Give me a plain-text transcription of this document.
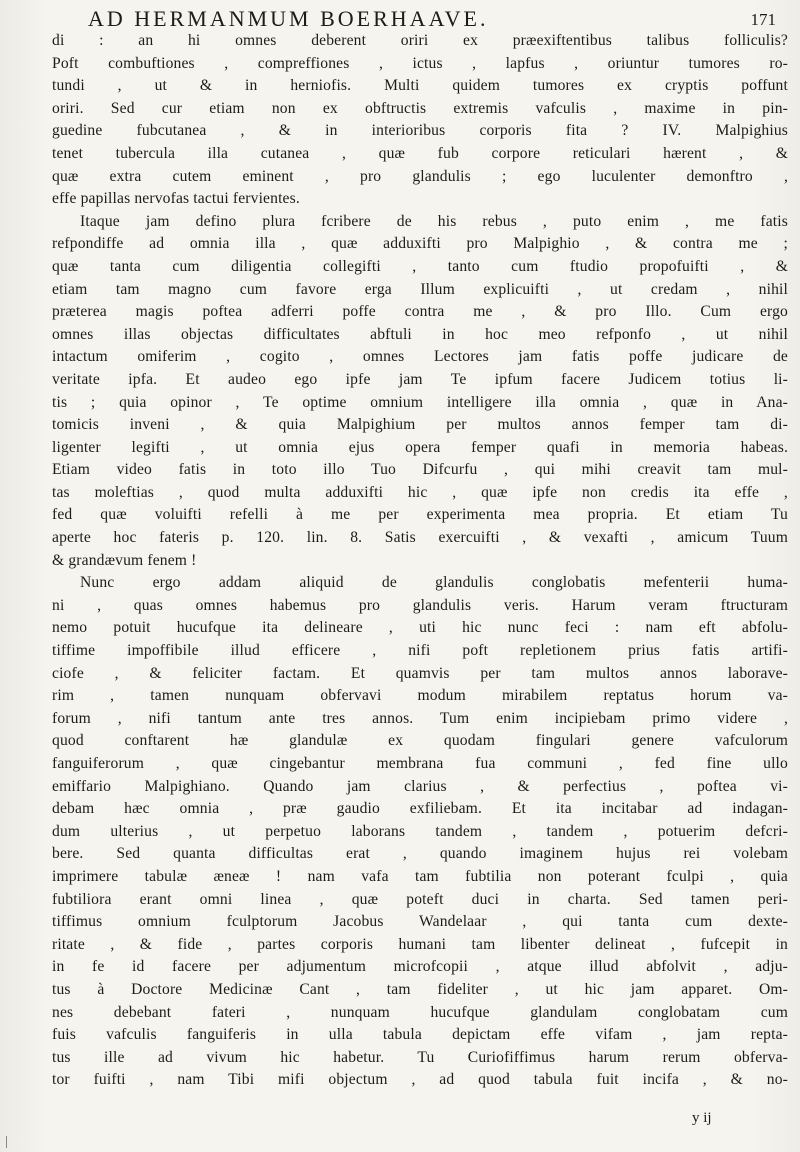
AD HERMANMUM BOERHAAVE.	171
di : an hi omnes deberent oriri ex præexiftentibus talibus folliculis?
Poft combuftiones , compreffiones , ictus , lapfus , oriuntur tumores ro-
tundi , ut & in herniofis. Multi quidem tumores ex cryptis poffunt
oriri. Sed cur etiam non ex obftructis extremis vafculis , maxime in pin-
guedine fubcutanea , & in interioribus corporis fita ? IV. Malpighius
tenet tubercula illa cutanea , quæ fub corpore reticulari hærent , &
quæ extra cutem eminent , pro glandulis ; ego luculenter demonftro ,
effe papillas nervofas tactui fervientes.
Itaque jam defino plura fcribere de his rebus , puto enim , me fatis
refpondiffe ad omnia illa , quæ adduxifti pro Malpighio , & contra me ;
quæ tanta cum diligentia collegifti , tanto cum ftudio propofuifti , &
etiam tam magno cum favore erga Illum explicuifti , ut credam , nihil
præterea magis poftea adferri poffe contra me , & pro Illo. Cum ergo
omnes illas objectas difficultates abftuli in hoc meo refponfo , ut nihil
intactum omiferim , cogito , omnes Lectores jam fatis poffe judicare de
veritate ipfa. Et audeo ego ipfe jam Te ipfum facere Judicem totius li-
tis ; quia opinor , Te optime omnium intelligere illa omnia , quæ in Ana-
tomicis inveni , & quia Malpighium per multos annos femper tam di-
ligenter legifti , ut omnia ejus opera femper quafi in memoria habeas.
Etiam video fatis in toto illo Tuo Difcurfu , qui mihi creavit tam mul-
tas moleftias , quod multa adduxifti hic , quæ ipfe non credis ita effe ,
fed quæ voluifti refelli à me per experimenta mea propria. Et etiam Tu
aperte hoc fateris p. 120. lin. 8. Satis exercuifti , & vexafti , amicum Tuum
& grandævum fenem !
Nunc ergo addam aliquid de glandulis conglobatis mefenterii huma-
ni , quas omnes habemus pro glandulis veris. Harum veram ftructuram
nemo potuit hucufque ita delineare , uti hic nunc feci : nam eft abfolu-
tiffime impoffibile illud efficere , nifi poft repletionem prius fatis artifi-
ciofe , & feliciter factam. Et quamvis per tam multos annos laborave-
rim , tamen nunquam obfervavi modum mirabilem reptatus horum va-
forum , nifi tantum ante tres annos. Tum enim incipiebam primo videre ,
quod conftarent hæ glandulæ ex quodam fingulari genere vafculorum
fanguiferorum , quæ cingebantur membrana fua communi , fed fine ullo
emiffario Malpighiano. Quando jam clarius , & perfectius , poftea vi-
debam hæc omnia , præ gaudio exfiliebam. Et ita incitabar ad indagan-
dum ulterius , ut perpetuo laborans tandem , tandem , potuerim defcri-
bere. Sed quanta difficultas erat , quando imaginem hujus rei volebam
imprimere tabulæ æneæ ! nam vafa tam fubtilia non poterant fculpi , quia
fubtiliora erant omni linea , quæ poteft duci in charta. Sed tamen peri-
tiffimus omnium fculptorum Jacobus Wandelaar , qui tanta cum dexte-
ritate , & fide , partes corporis humani tam libenter delineat , fufcepit in
in fe id facere per adjumentum microfcopii , atque illud abfolvit , adju-
tus à Doctore Medicinæ Cant , tam fideliter , ut hic jam apparet. Om-
nes debebant fateri , nunquam hucufque glandulam conglobatam cum
fuis vafculis fanguiferis in ulla tabula depictam effe vifam , jam repta-
tus ille ad vivum hic habetur. Tu Curiofiffimus harum rerum obferva-
tor fuifti , nam Tibi mifi objectum , ad quod tabula fuit incifa , & no-
y ij
